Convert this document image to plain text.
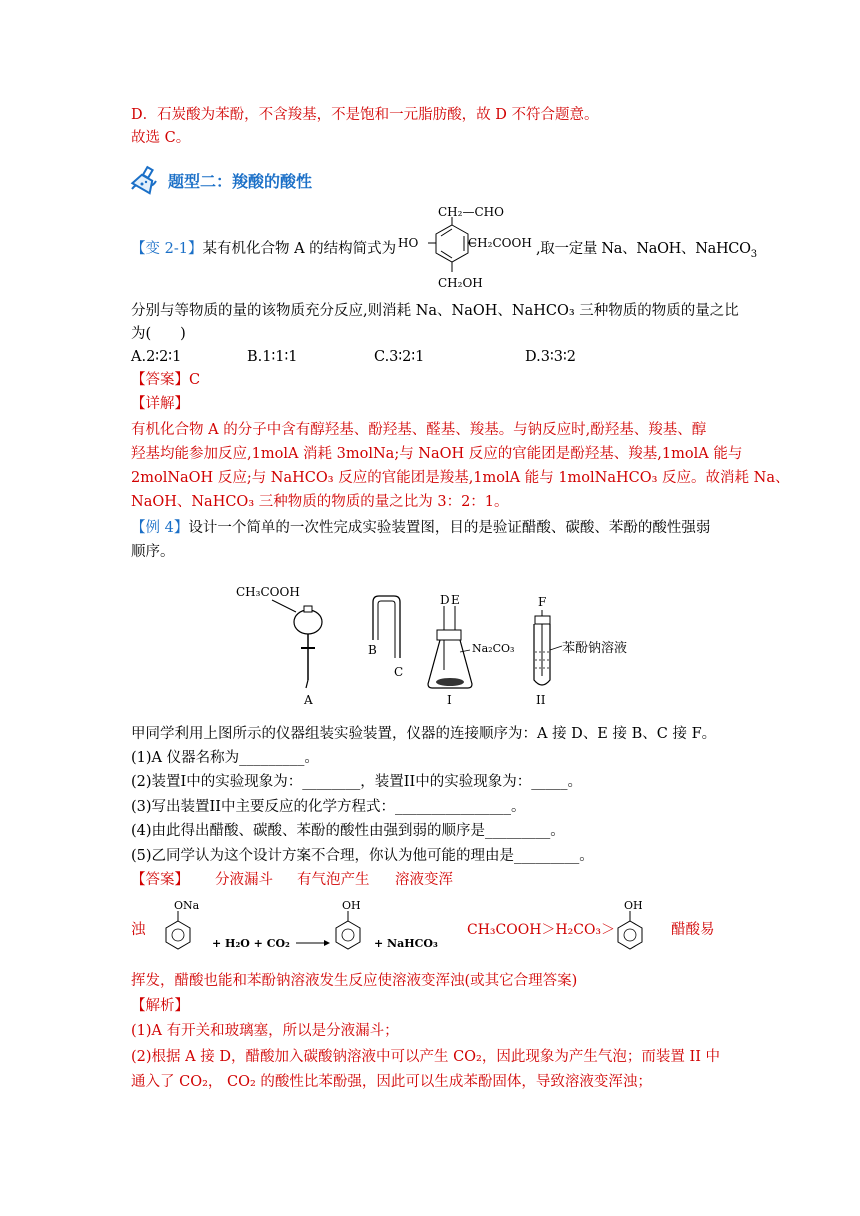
D．石炭酸为苯酚，不含羧基，不是饱和一元脂肪酸，故 D 不符合题意。
故选 C。
题型二：羧酸的酸性
【变 2-1】某有机化合物 A 的结构简式为
CH₂—CHO
HO	CH₂COOH
CH₂OH
,取一定量 Na、NaOH、NaHCO$_3$
分别与等物质的量的该物质充分反应,则消耗 Na、NaOH、NaHCO₃ 三种物质的物质的量之比
为(　　)
A.2∶2∶1	B.1∶1∶1	C.3∶2∶1	D.3∶3∶2
【答案】C
【详解】
有机化合物 A 的分子中含有醇羟基、酚羟基、醛基、羧基。与钠反应时,酚羟基、羧基、醇
羟基均能参加反应,1molA 消耗 3molNa;与 NaOH 反应的官能团是酚羟基、羧基,1molA 能与
2molNaOH 反应;与 NaHCO₃ 反应的官能团是羧基,1molA 能与 1molNaHCO₃ 反应。故消耗 Na、
NaOH、NaHCO₃ 三种物质的物质的量之比为 3：2：1。
【例 4】设计一个简单的一次性完成实验装置图，目的是验证醋酸、碳酸、苯酚的酸性强弱
顺序。
CH₃COOH
A
B
C
D E
Na₂CO₃
I
F
苯酚钠溶液
II
甲同学利用上图所示的仪器组装实验装置，仪器的连接顺序为：A 接 D、E 接 B、C 接 F。
(1)A 仪器名称为_________。
(2)装置I中的实验现象为：________，装置II中的实验现象为：_____。
(3)写出装置II中主要反应的化学方程式：________________。
(4)由此得出醋酸、碳酸、苯酚的酸性由强到弱的顺序是_________。
(5)乙同学认为这个设计方案不合理，你认为他可能的理由是_________。
【答案】 分液漏斗 有气泡产生 溶液变浑
浊
ONa
+ H₂O + CO₂
OH
+ NaHCO₃
CH₃COOH＞H₂CO₃＞
OH
醋酸易
挥发，醋酸也能和苯酚钠溶液发生反应使溶液变浑浊(或其它合理答案)
【解析】
(1)A 有开关和玻璃塞，所以是分液漏斗；
(2)根据 A 接 D，醋酸加入碳酸钠溶液中可以产生 CO₂，因此现象为产生气泡；而装置 II 中
通入了 CO₂， CO₂ 的酸性比苯酚强，因此可以生成苯酚固体，导致溶液变浑浊；
